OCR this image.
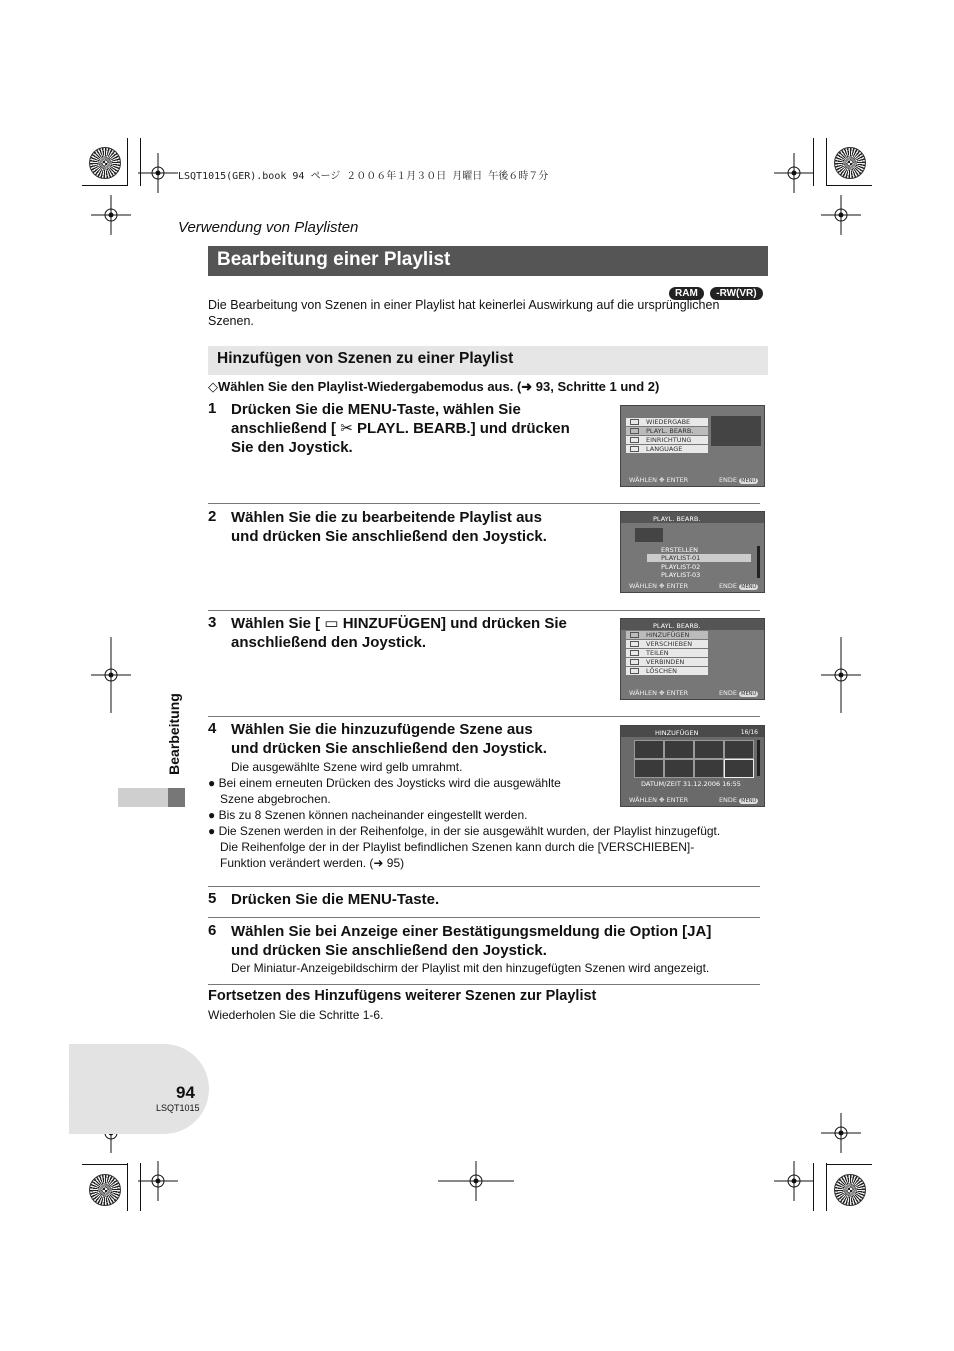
LSQT1015(GER).book 94 ページ ２００６年１月３０日 月曜日 午後６時７分
Verwendung von Playlisten
Bearbeitung einer Playlist
RAM -RW(VR)
Die Bearbeitung von Szenen in einer Playlist hat keinerlei Auswirkung auf die ursprünglichen Szenen.
Hinzufügen von Szenen zu einer Playlist
◇Wählen Sie den Playlist-Wiedergabemodus aus. (➜ 93, Schritte 1 und 2)
1 Drücken Sie die MENU-Taste, wählen Sie
anschließend [ ✂ PLAYL. BEARB.] und drücken
Sie den Joystick.
WIEDERGABE
PLAYL. BEARB.
EINRICHTUNG
LANGUAGE
WÄHLEN ✥ ENTER	ENDE MENU
2 Wählen Sie die zu bearbeitende Playlist aus
und drücken Sie anschließend den Joystick.
PLAYL. BEARB.
ERSTELLEN
PLAYLIST-01
PLAYLIST-02
PLAYLIST-03
WÄHLEN ✥ ENTER	ENDE MENU
3 Wählen Sie [ ▭ HINZUFÜGEN] und drücken Sie
anschließend den Joystick.
PLAYL. BEARB.
HINZUFÜGEN
VERSCHIEBEN
TEILEN
VERBINDEN
LÖSCHEN
WÄHLEN ✥ ENTER	ENDE MENU
4 Wählen Sie die hinzuzufügende Szene aus
und drücken Sie anschließend den Joystick.
Die ausgewählte Szene wird gelb umrahmt.
HINZUFÜGEN	16/16
DATUM/ZEIT 31.12.2006 16:55
WÄHLEN ✥ ENTER	ENDE MENU
● Bei einem erneuten Drücken des Joysticks wird die ausgewählte
Szene abgebrochen.
● Bis zu 8 Szenen können nacheinander eingestellt werden.
● Die Szenen werden in der Reihenfolge, in der sie ausgewählt wurden, der Playlist hinzugefügt.
Die Reihenfolge der in der Playlist befindlichen Szenen kann durch die [VERSCHIEBEN]-
Funktion verändert werden. (➜ 95)
5 Drücken Sie die MENU-Taste.
6 Wählen Sie bei Anzeige einer Bestätigungsmeldung die Option [JA]
und drücken Sie anschließend den Joystick.
Der Miniatur-Anzeigebildschirm der Playlist mit den hinzugefügten Szenen wird angezeigt.
Fortsetzen des Hinzufügens weiterer Szenen zur Playlist
Wiederholen Sie die Schritte 1-6.
Bearbeitung
94
LSQT1015
